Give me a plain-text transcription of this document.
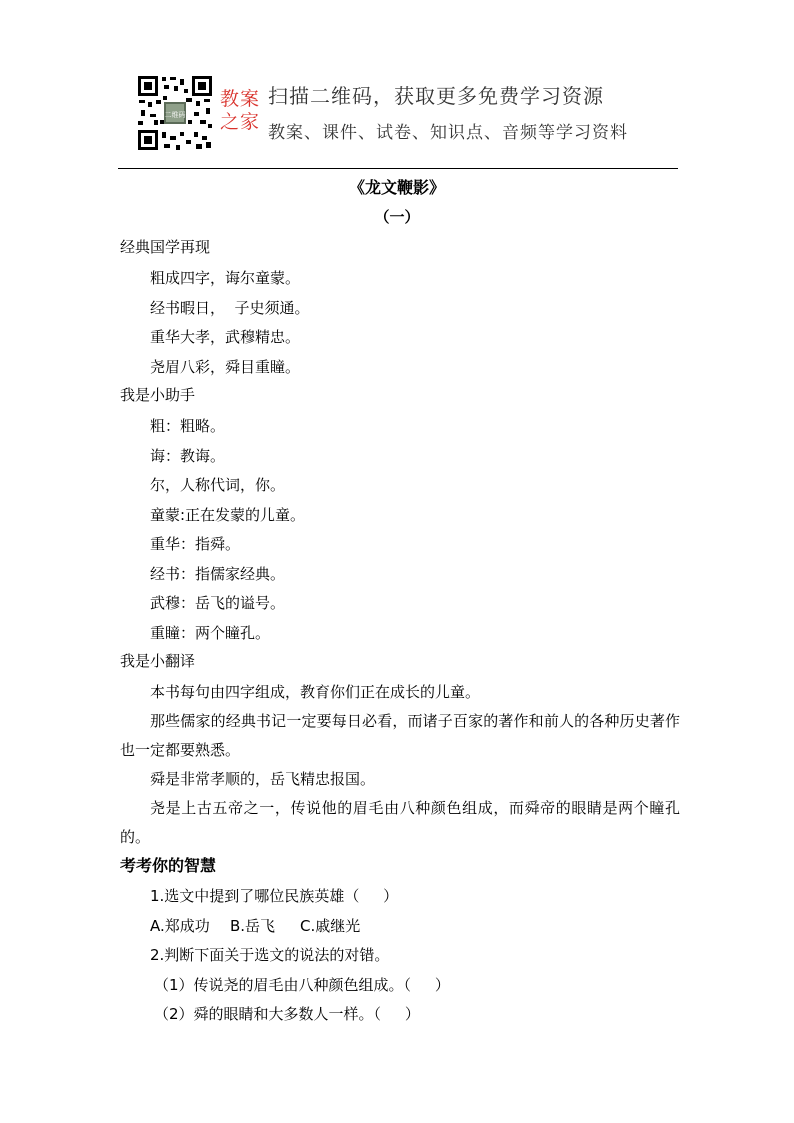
二维码
教案
之家
扫描二维码，获取更多免费学习资源
教案、课件、试卷、知识点、音频等学习资料
《龙文鞭影》
（一）
经典国学再现
粗成四字，诲尔童蒙。
经书暇日，  子史须通。
重华大孝，武穆精忠。
尧眉八彩，舜目重瞳。
我是小助手
粗：粗略。
诲：教诲。
尔，人称代词，你。
童蒙:正在发蒙的儿童。
重华：指舜。
经书：指儒家经典。
武穆：岳飞的谥号。
重瞳：两个瞳孔。
我是小翻译
本书每句由四字组成，教育你们正在成长的儿童。
那些儒家的经典书记一定要每日必看，而诸子百家的著作和前人的各种历史著作也一定都要熟悉。
舜是非常孝顺的，岳飞精忠报国。
尧是上古五帝之一，传说他的眉毛由八种颜色组成，而舜帝的眼睛是两个瞳孔的。
考考你的智慧
1.选文中提到了哪位民族英雄（     ）
A.郑成功 B.岳飞 C.戚继光
2.判断下面关于选文的说法的对错。
（1）传说尧的眉毛由八种颜色组成。（     ）
（2）舜的眼睛和大多数人一样。（     ）
